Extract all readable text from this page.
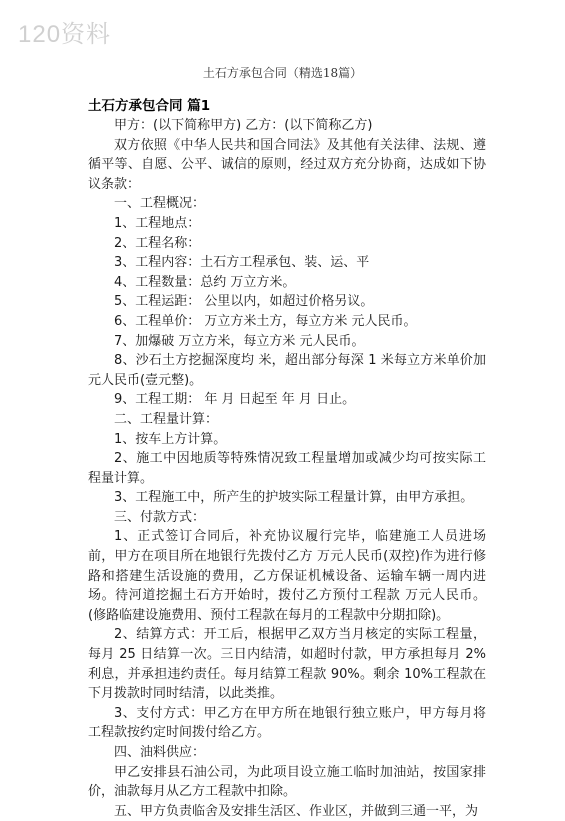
120资料
土石方承包合同（精选18篇）
土石方承包合同 篇1

甲方：(以下简称甲方) 乙方：(以下简称乙方)

双方依照《中华人民共和国合同法》及其他有关法律、法规、遵循平等、自愿、公平、诚信的原则，经过双方充分协商，达成如下协议条款：

一、工程概况：

1、工程地点：

2、工程名称：

3、工程内容：土石方工程承包、装、运、平

4、工程数量：总约 万立方米。

5、工程运距： 公里以内，如超过价格另议。

6、工程单价： 万立方米土方，每立方米 元人民币。

7、加爆破 万立方米，每立方米 元人民币。

8、沙石土方挖掘深度均 米，超出部分每深 1 米每立方米单价加元人民币(壹元整)。

9、工程工期： 年 月 日起至 年 月 日止。

二、工程量计算：

1、按车上方计算。

2、施工中因地质等特殊情况致工程量增加或减少均可按实际工程量计算。

3、工程施工中，所产生的护坡实际工程量计算，由甲方承担。

三、付款方式：

1、正式签订合同后，补充协议履行完毕，临建施工人员进场前，甲方在项目所在地银行先拨付乙方 万元人民币(双控)作为进行修路和搭建生活设施的费用，乙方保证机械设备、运输车辆一周内进场。待河道挖掘土石方开始时，拨付乙方预付工程款 万元人民币。(修路临建设施费用、预付工程款在每月的工程款中分期扣除)。

2、结算方式：开工后，根据甲乙双方当月核定的实际工程量，每月 25 日结算一次。三日内结清，如超时付款，甲方承担每月 2%利息，并承担违约责任。每月结算工程款 90%。剩余 10%工程款在下月拨款时同时结清，以此类推。

3、支付方式：甲乙方在甲方所在地银行独立账户，甲方每月将工程款按约定时间拨付给乙方。

四、油料供应：

甲乙安排县石油公司，为此项目设立施工临时加油站，按国家排价，油款每月从乙方工程款中扣除。

五、甲方负责临舍及安排生活区、作业区，并做到三通一平，为
